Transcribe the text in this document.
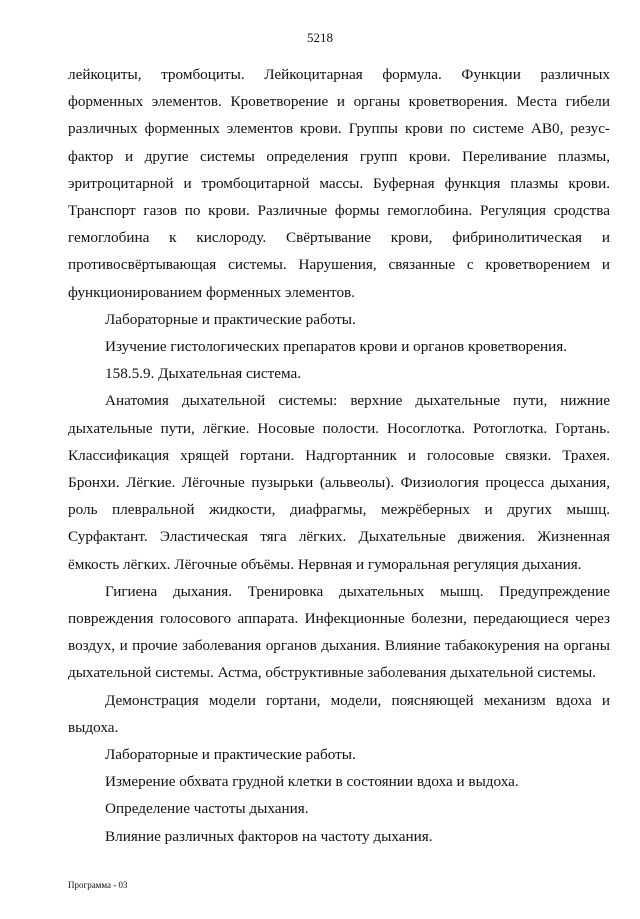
5218

лейкоциты, тромбоциты. Лейкоцитарная формула. Функции различных форменных элементов. Кроветворение и органы кроветворения. Места гибели различных форменных элементов крови. Группы крови по системе АВ0, резус-фактор и другие системы определения групп крови. Переливание плазмы, эритроцитарной и тромбоцитарной массы. Буферная функция плазмы крови. Транспорт газов по крови. Различные формы гемоглобина. Регуляция сродства гемоглобина к кислороду. Свёртывание крови, фибринолитическая и противосвёртывающая системы. Нарушения, связанные с кроветворением и функционированием форменных элементов.

Лабораторные и практические работы.

Изучение гистологических препаратов крови и органов кроветворения.

158.5.9. Дыхательная система.

Анатомия дыхательной системы: верхние дыхательные пути, нижние дыхательные пути, лёгкие. Носовые полости. Носоглотка. Ротоглотка. Гортань. Классификация хрящей гортани. Надгортанник и голосовые связки. Трахея. Бронхи. Лёгкие. Лёгочные пузырьки (альвеолы). Физиология процесса дыхания, роль плевральной жидкости, диафрагмы, межрёберных и других мышц. Сурфактант. Эластическая тяга лёгких. Дыхательные движения. Жизненная ёмкость лёгких. Лёгочные объёмы. Нервная и гуморальная регуляция дыхания.

Гигиена дыхания. Тренировка дыхательных мышц. Предупреждение повреждения голосового аппарата. Инфекционные болезни, передающиеся через воздух, и прочие заболевания органов дыхания. Влияние табакокурения на органы дыхательной системы. Астма, обструктивные заболевания дыхательной системы.

Демонстрация модели гортани, модели, поясняющей механизм вдоха и выдоха.

Лабораторные и практические работы.

Измерение обхвата грудной клетки в состоянии вдоха и выдоха.

Определение частоты дыхания.

Влияние различных факторов на частоту дыхания.

Программа - 03
